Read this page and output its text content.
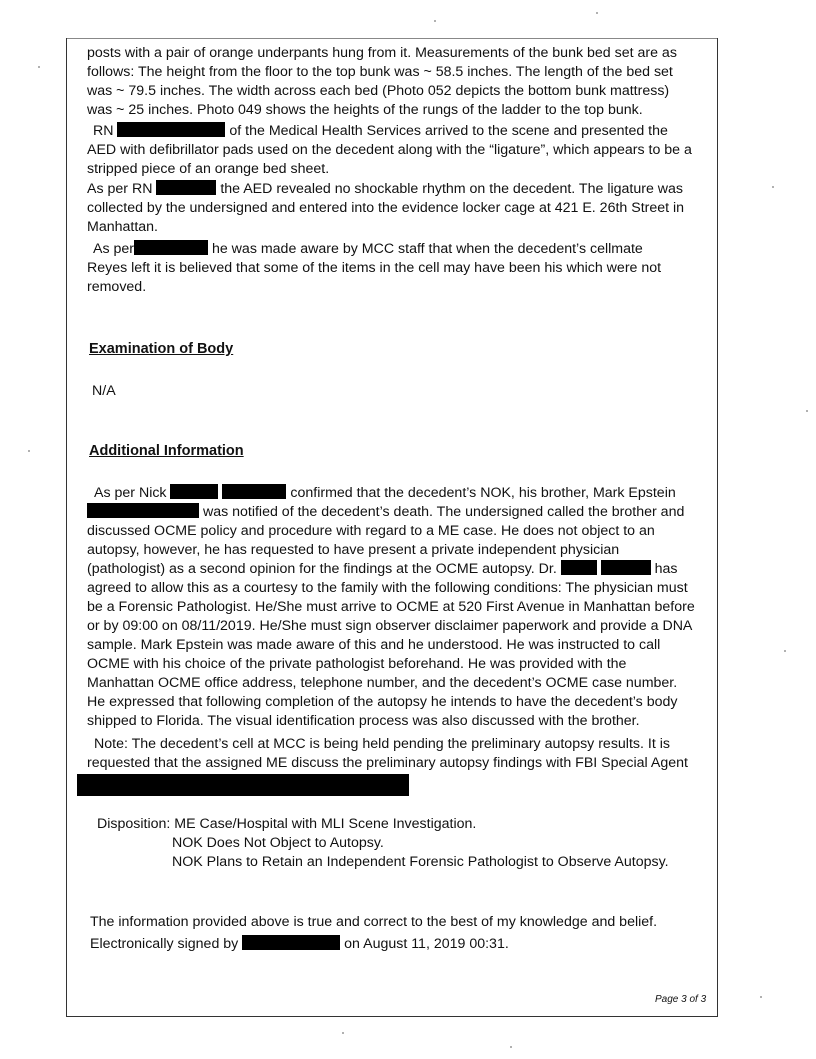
posts with a pair of orange underpants hung from it. Measurements of the bunk bed set are as
follows: The height from the floor to the top bunk was ~ 58.5 inches. The length of the bed set
was ~ 79.5 inches. The width across each bed (Photo 052 depicts the bottom bunk mattress)
was ~ 25 inches. Photo 049 shows the heights of the rungs of the ladder to the top bunk.
RN	of the Medical Health Services arrived to the scene and presented the
AED with defibrillator pads used on the decedent along with the “ligature”, which appears to be a
stripped piece of an orange bed sheet.
As per RN	the AED revealed no shockable rhythm on the decedent. The ligature was
collected by the undersigned and entered into the evidence locker cage at 421 E. 26th Street in
Manhattan.
As per	he was made aware by MCC staff that when the decedent’s cellmate
Reyes left it is believed that some of the items in the cell may have been his which were not
removed.
Examination of Body
N/A
Additional Information
As per Nick	confirmed that the decedent’s NOK, his brother, Mark Epstein
was notified of the decedent’s death. The undersigned called the brother and
discussed OCME policy and procedure with regard to a ME case. He does not object to an
autopsy, however, he has requested to have present a private independent physician
(pathologist) as a second opinion for the findings at the OCME autopsy. Dr.	has
agreed to allow this as a courtesy to the family with the following conditions: The physician must
be a Forensic Pathologist. He/She must arrive to OCME at 520 First Avenue in Manhattan before
or by 09:00 on 08/11/2019. He/She must sign observer disclaimer paperwork and provide a DNA
sample. Mark Epstein was made aware of this and he understood. He was instructed to call
OCME with his choice of the private pathologist beforehand. He was provided with the
Manhattan OCME office address, telephone number, and the decedent’s OCME case number.
He expressed that following completion of the autopsy he intends to have the decedent’s body
shipped to Florida. The visual identification process was also discussed with the brother.
Note: The decedent’s cell at MCC is being held pending the preliminary autopsy results. It is
requested that the assigned ME discuss the preliminary autopsy findings with FBI Special Agent
Disposition: ME Case/Hospital with MLI Scene Investigation.
NOK Does Not Object to Autopsy.
NOK Plans to Retain an Independent Forensic Pathologist to Observe Autopsy.
The information provided above is true and correct to the best of my knowledge and belief.
Electronically signed by	on August 11, 2019 00:31.
Page 3 of 3
